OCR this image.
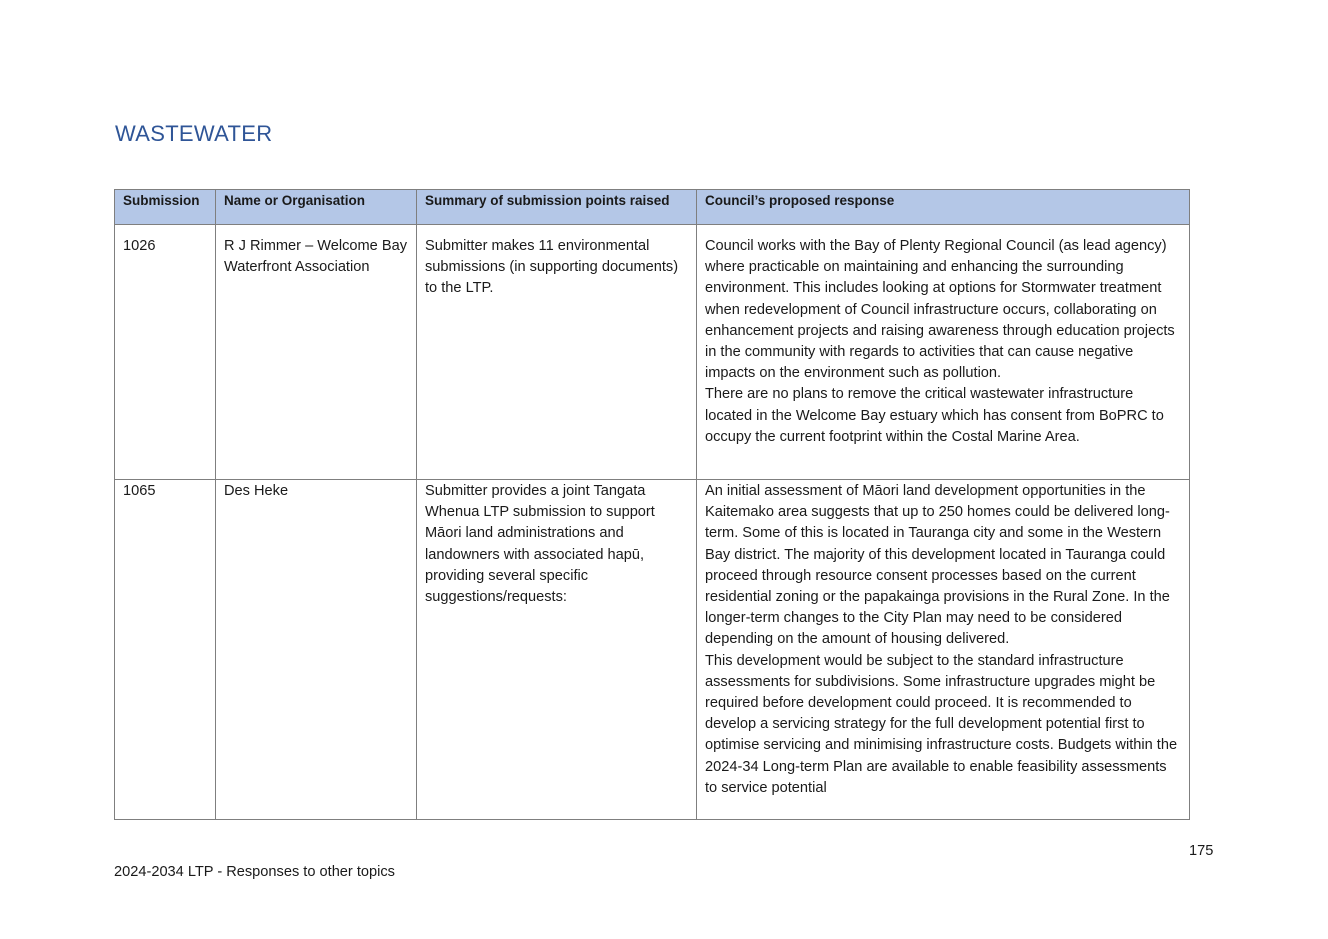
WASTEWATER
Submission	Name or Organisation	Summary of submission points raised	Council’s proposed response
1026	R J Rimmer – Welcome Bay Waterfront Association	Submitter makes 11 environmental submissions (in supporting documents) to the LTP.	Council works with the Bay of Plenty Regional Council (as lead agency) where practicable on maintaining and enhancing the surrounding environment. This includes looking at options for Stormwater treatment when redevelopment of Council infrastructure occurs, collaborating on enhancement projects and raising awareness through education projects in the community with regards to activities that can cause negative impacts on the environment such as pollution.
There are no plans to remove the critical wastewater infrastructure located in the Welcome Bay estuary which has consent from BoPRC to occupy the current footprint within the Costal Marine Area.

1065	Des Heke	Submitter provides a joint Tangata Whenua LTP submission to support Māori land administrations and landowners with associated hapū, providing several specific suggestions/requests:	An initial assessment of Māori land development opportunities in the Kaitemako area suggests that up to 250 homes could be delivered long-term. Some of this is located in Tauranga city and some in the Western Bay district. The majority of this development located in Tauranga could proceed through resource consent processes based on the current residential zoning or the papakainga provisions in the Rural Zone. In the longer-term changes to the City Plan may need to be considered depending on the amount of housing delivered.
This development would be subject to the standard infrastructure assessments for subdivisions. Some infrastructure upgrades might be required before development could proceed. It is recommended to develop a servicing strategy for the full development potential first to optimise servicing and minimising infrastructure costs. Budgets within the 2024-34 Long-term Plan are available to enable feasibility assessments to service potential
175
2024-2034 LTP - Responses to other topics
